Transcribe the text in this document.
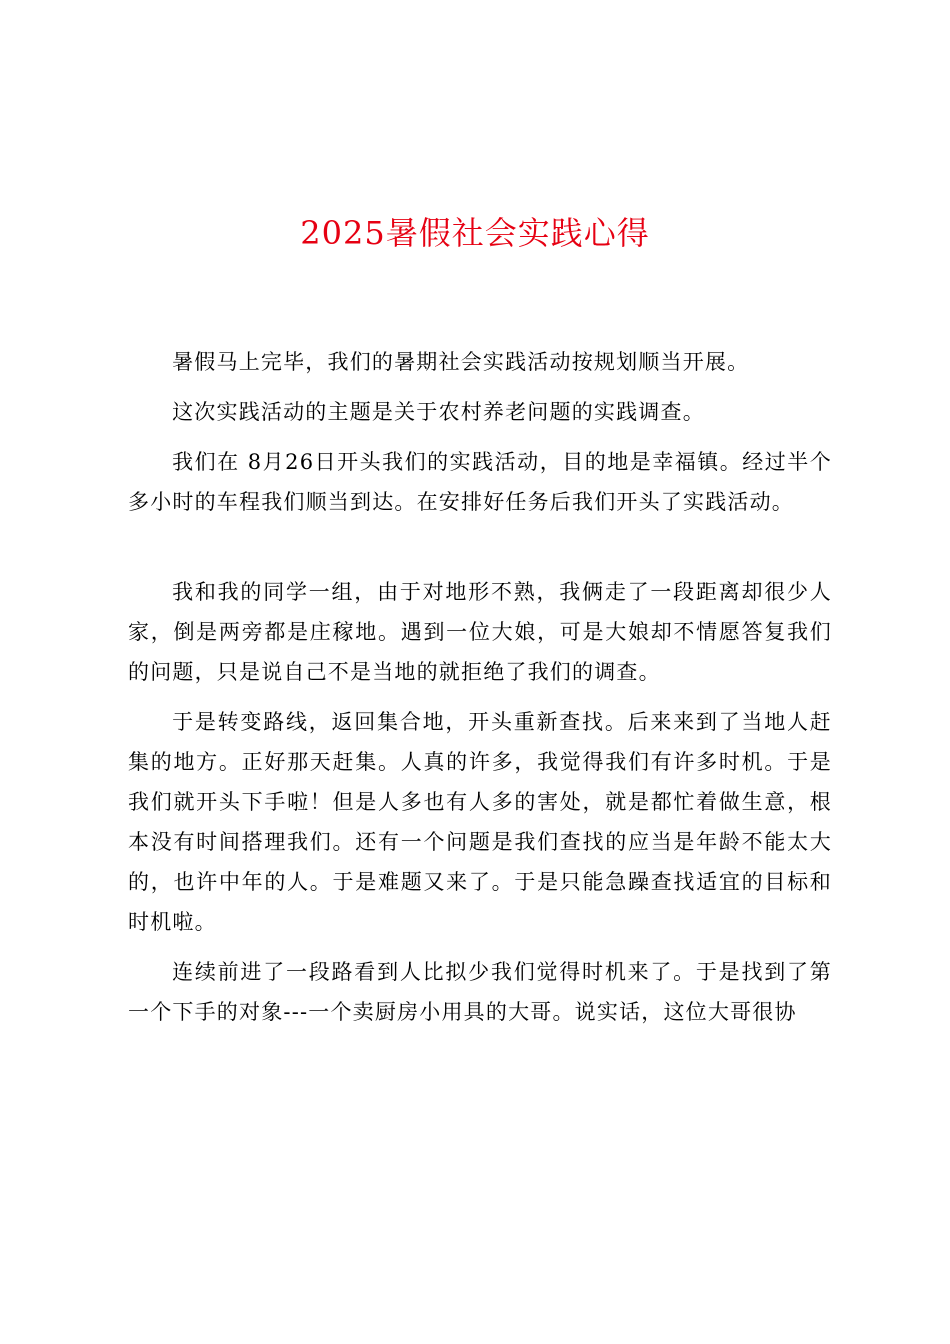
2025暑假社会实践心得

暑假马上完毕，我们的暑期社会实践活动按规划顺当开展。

这次实践活动的主题是关于农村养老问题的实践调查。

我们在 8月26日开头我们的实践活动，目的地是幸福镇。经过半个多小时的车程我们顺当到达。在安排好任务后我们开头了实践活动。

我和我的同学一组，由于对地形不熟，我俩走了一段距离却很少人家，倒是两旁都是庄稼地。遇到一位大娘，可是大娘却不情愿答复我们的问题，只是说自己不是当地的就拒绝了我们的调查。

于是转变路线，返回集合地，开头重新查找。后来来到了当地人赶集的地方。正好那天赶集。人真的许多，我觉得我们有许多时机。于是我们就开头下手啦！但是人多也有人多的害处，就是都忙着做生意，根本没有时间搭理我们。还有一个问题是我们查找的应当是年龄不能太大的，也许中年的人。于是难题又来了。于是只能急躁查找适宜的目标和时机啦。

连续前进了一段路看到人比拟少我们觉得时机来了。于是找到了第一个下手的对象---一个卖厨房小用具的大哥。说实话，这位大哥很协
